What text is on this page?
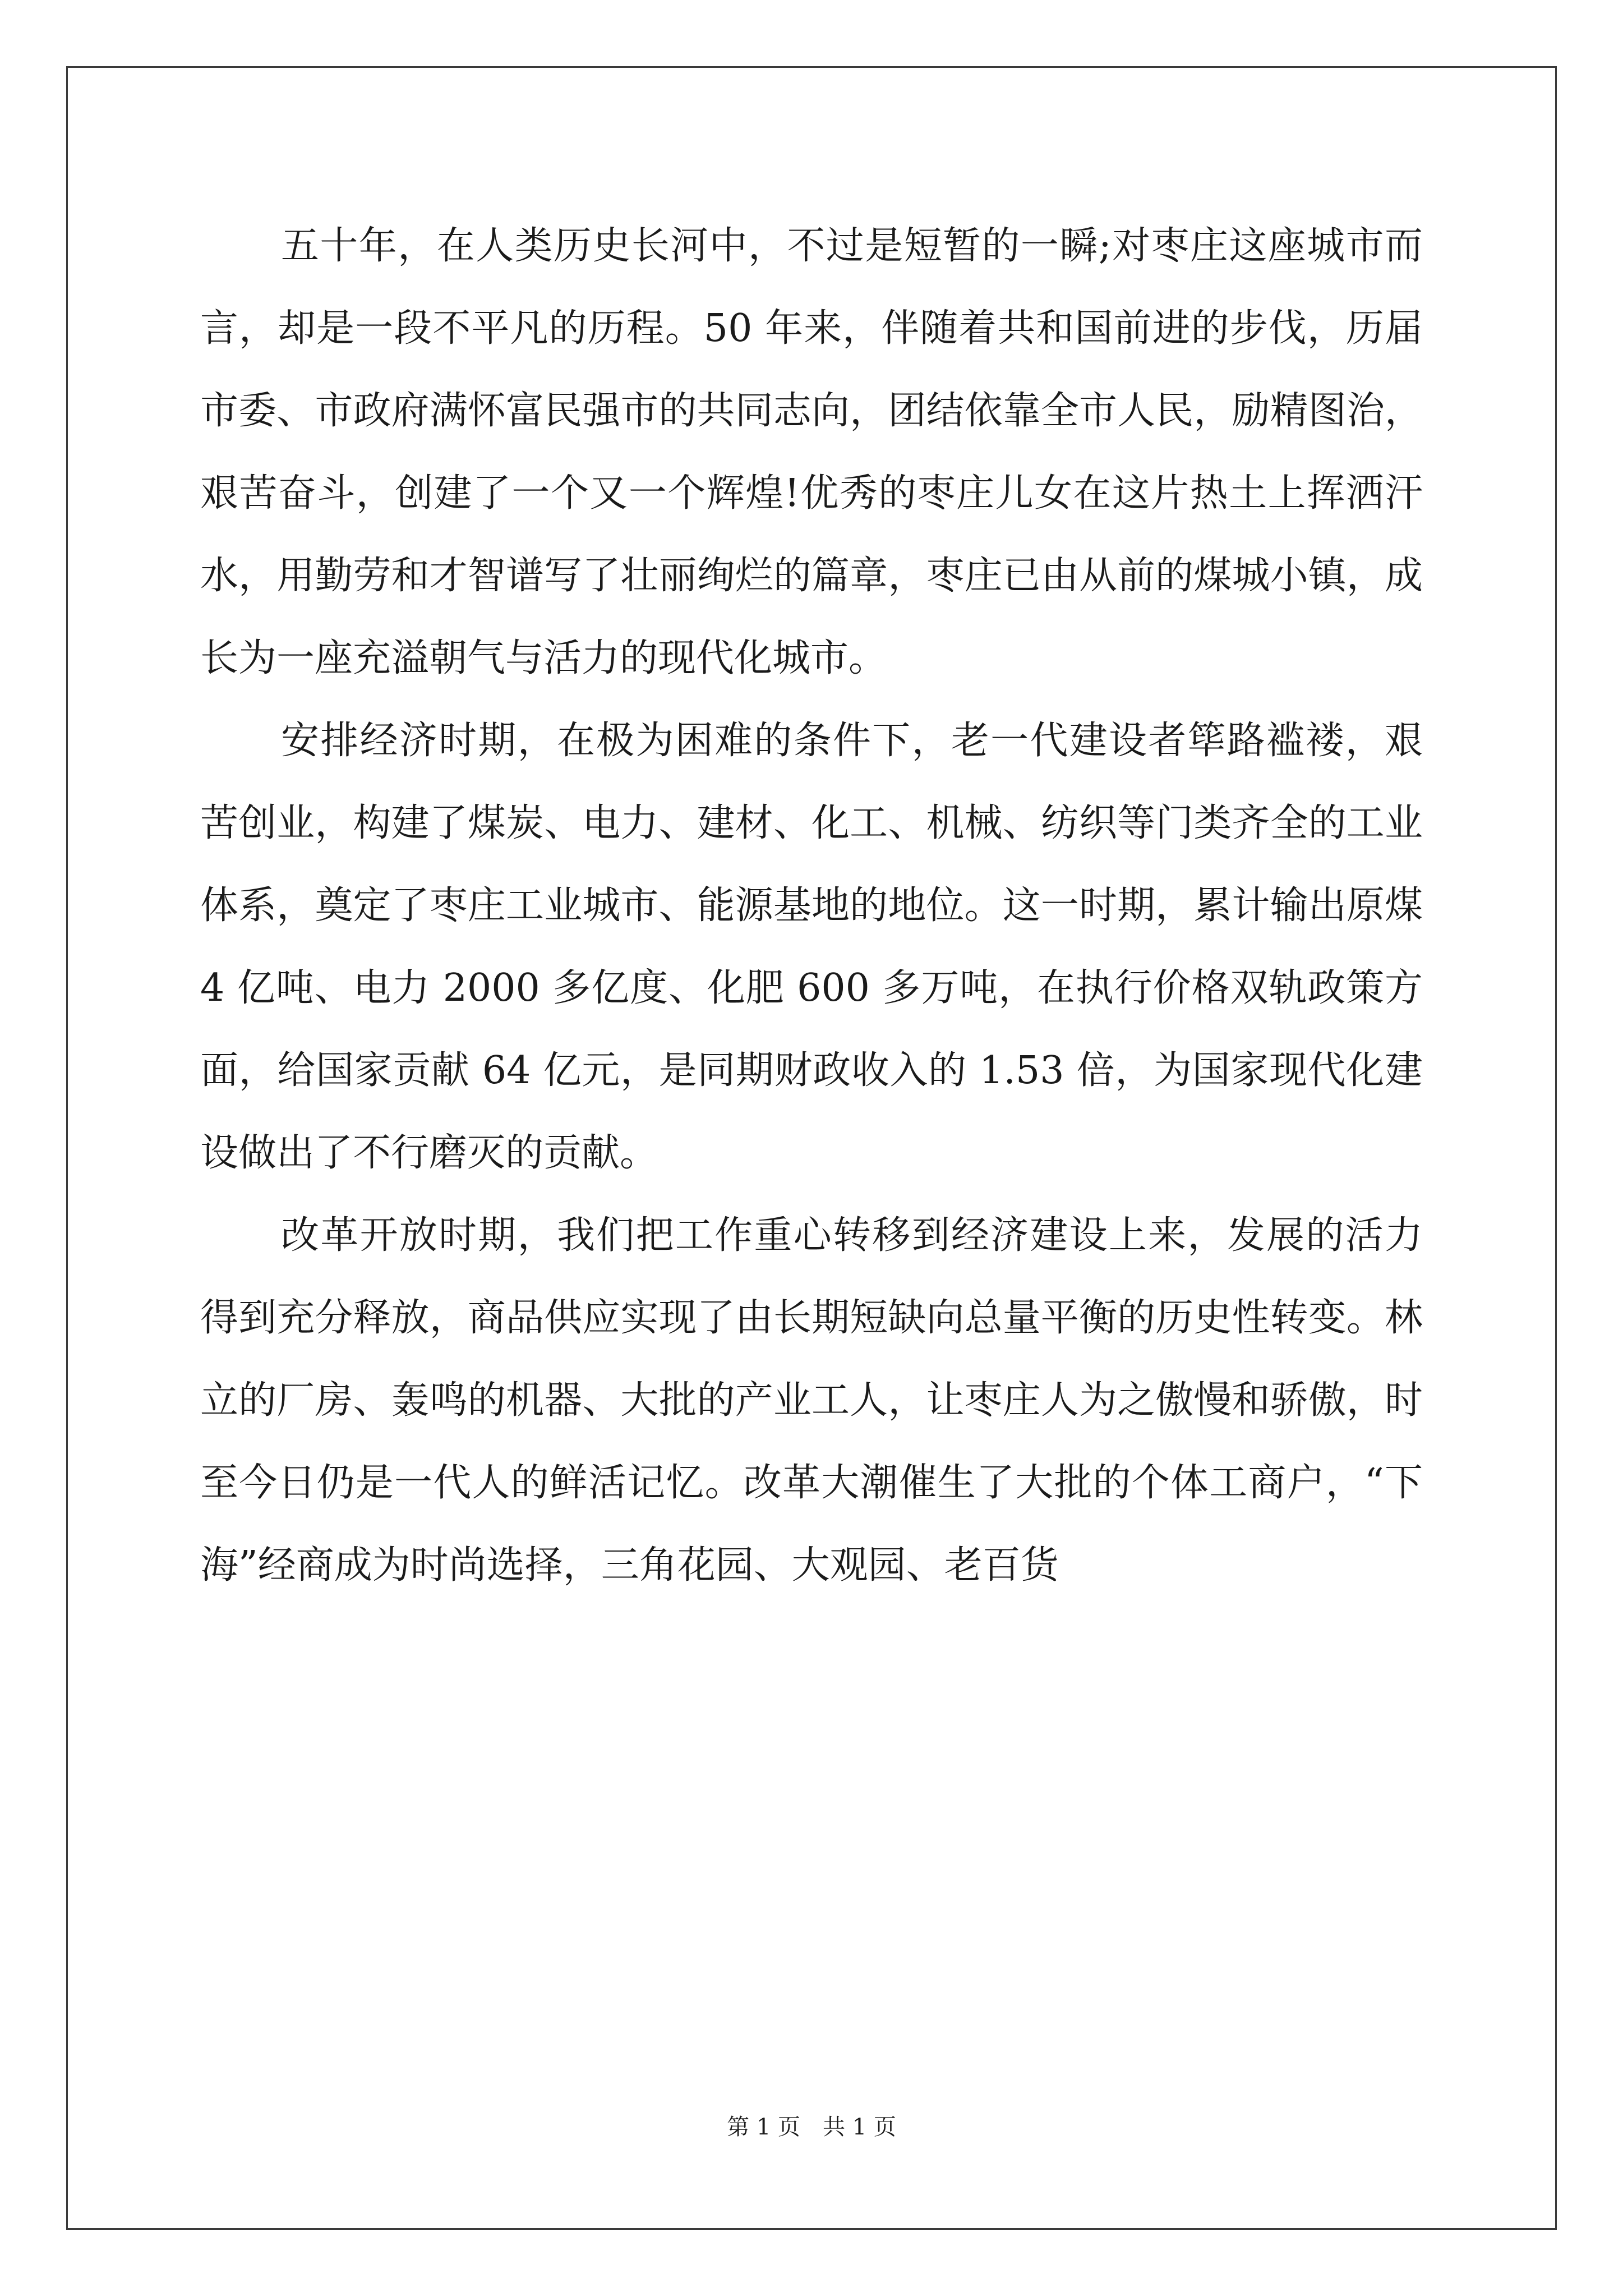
五十年，在人类历史长河中，不过是短暂的一瞬;对枣庄这座城市而言，却是一段不平凡的历程。50 年来，伴随着共和国前进的步伐，历届市委、市政府满怀富民强市的共同志向，团结依靠全市人民，励精图治，艰苦奋斗，创建了一个又一个辉煌!优秀的枣庄儿女在这片热土上挥洒汗水，用勤劳和才智谱写了壮丽绚烂的篇章，枣庄已由从前的煤城小镇，成长为一座充溢朝气与活力的现代化城市。

安排经济时期，在极为困难的条件下，老一代建设者筚路褴褛，艰苦创业，构建了煤炭、电力、建材、化工、机械、纺织等门类齐全的工业体系，奠定了枣庄工业城市、能源基地的地位。这一时期，累计输出原煤 4 亿吨、电力 2000 多亿度、化肥 600 多万吨，在执行价格双轨政策方面，给国家贡献 64 亿元，是同期财政收入的 1.53 倍，为国家现代化建设做出了不行磨灭的贡献。

改革开放时期，我们把工作重心转移到经济建设上来，发展的活力得到充分释放，商品供应实现了由长期短缺向总量平衡的历史性转变。林立的厂房、轰鸣的机器、大批的产业工人，让枣庄人为之傲慢和骄傲，时至今日仍是一代人的鲜活记忆。改革大潮催生了大批的个体工商户，“下海”经商成为时尚选择，三角花园、大观园、老百货

第 1 页　共 1 页
